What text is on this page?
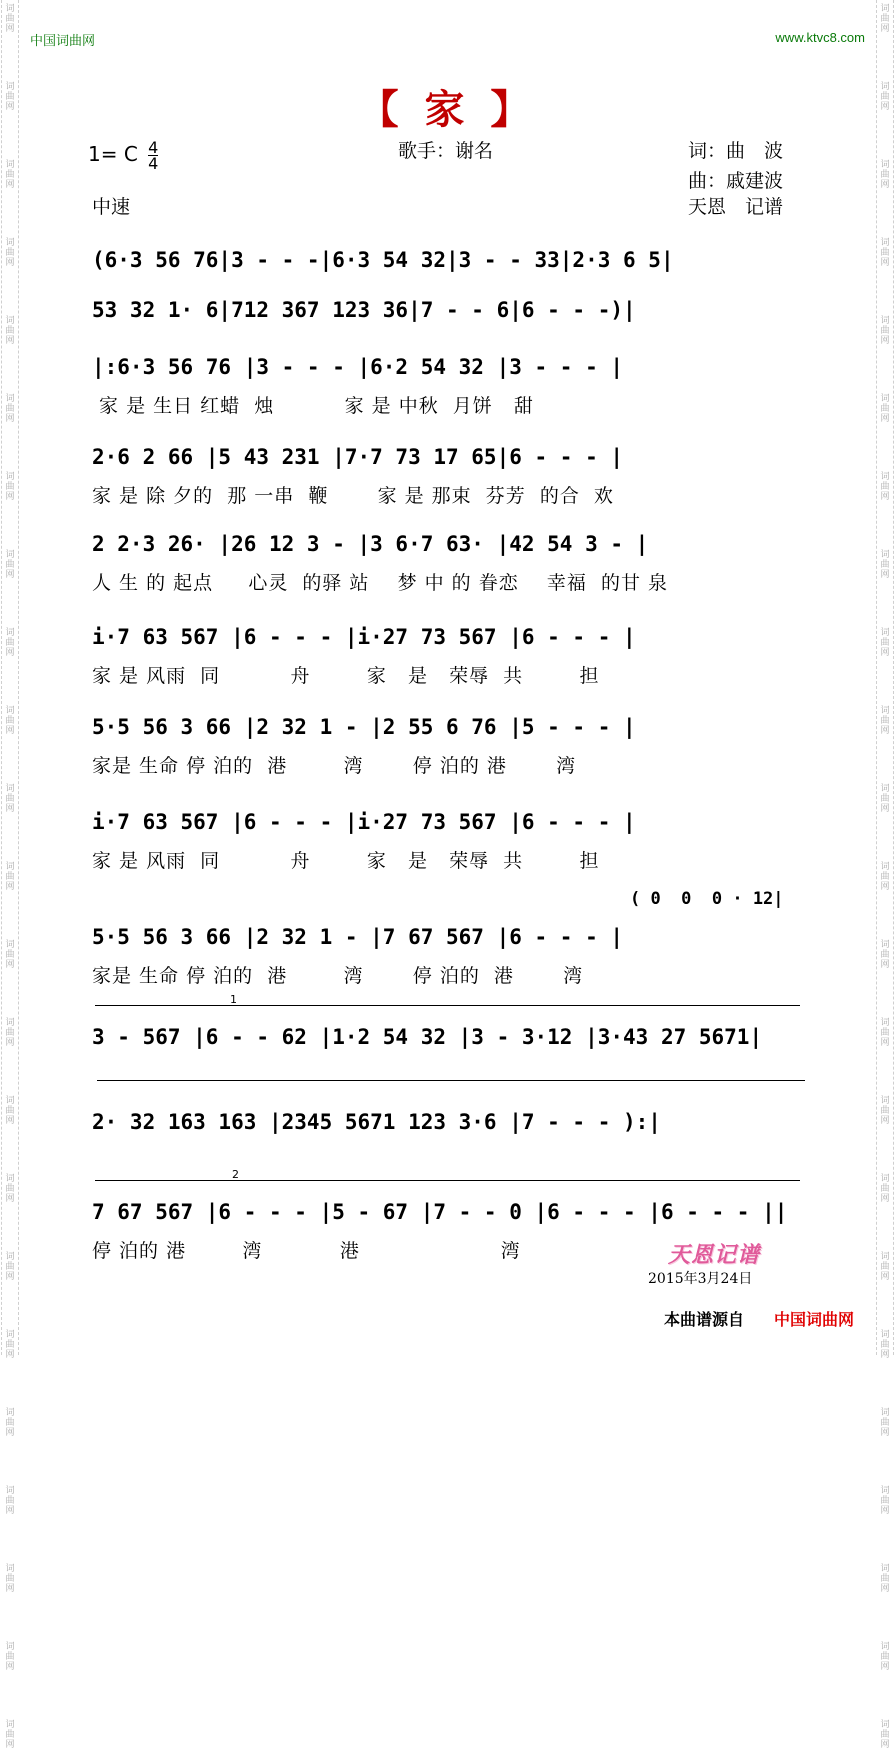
词
曲
网
词
曲
网
词
曲
网
词
曲
网
词
曲
网
词
曲
网
词
曲
网
词
曲
网
词
曲
网
词
曲
网
词
曲
网
词
曲
网
词
曲
网
词
曲
网
词
曲
网
词
曲
网
词
曲
网
词
曲
网
词
曲
网
词
曲
网
词
曲
网
词
曲
网
词
曲
网
词
曲
网
词
曲
网
词
曲
网
词
曲
网
词
曲
网
词
曲
网
词
曲
网
词
曲
网
词
曲
网
词
曲
网
词
曲
网
词
曲
网
词
曲
网
词
曲
网
词
曲
网
词
曲
网
词
曲
网
词
曲
网
词
曲
网
词
曲
网
词
曲
网
词
曲
网
词
曲
网
中国词曲网	www.ktvc8.com
【 家 】
1= C $\frac{4}{4}$	歌手：谢名
中速
词：曲　波
曲：戚建波
天恩　记谱
(6·3 56 76|3 - - -|6·3 54 32|3 - - 33|2·3 6 5|
53 32 1· 6|712 367 123 36|7 - - 6|6 - - -)|
|:6·3 56 76 |3 - - - |6·2 54 32 |3 - - - |
家 是 生日 红蜡  烛          家 是 中秋  月饼   甜
2·6 2 66 |5 43 231 |7·7 73 17 65|6 - - - |
家 是 除 夕的  那 一串  鞭       家 是 那束  芬芳  的合  欢
2 2·3 26· |26 12 3 - |3 6·7 63· |42 54 3 - |
人 生 的 起点     心灵  的驿 站    梦 中 的 眷恋    幸福  的甘 泉
i·7 63 567 |6 - - - |i·27 73 567 |6 - - - |
家 是 风雨  同          舟        家   是   荣辱  共        担
5·5 56 3 66 |2 32 1 - |2 55 6 76 |5 - - - |
家是 生命 停 泊的  港        湾       停 泊的 港       湾
i·7 63 567 |6 - - - |i·27 73 567 |6 - - - |
家 是 风雨  同          舟        家   是   荣辱  共        担
5·5 56 3 66 |2 32 1 - |7 67 567 |6 - - - |
家是 生命 停 泊的  港        湾       停 泊的  港       湾
( 0  0  0 · 12|
3 - 567 |6 - - 62 |1·2 54 32 |3 - 3·12 |3·43 27 5671|
1
2· 32 163 163 |2345 5671 123 3·6 |7 - - - ):|
7 67 567 |6 - - - |5 - 67 |7 - - 0 |6 - - - |6 - - - ||
停 泊的 港        湾           港                    湾
2
天恩记谱
2015年3月24日
本曲谱源自 中国词曲网
